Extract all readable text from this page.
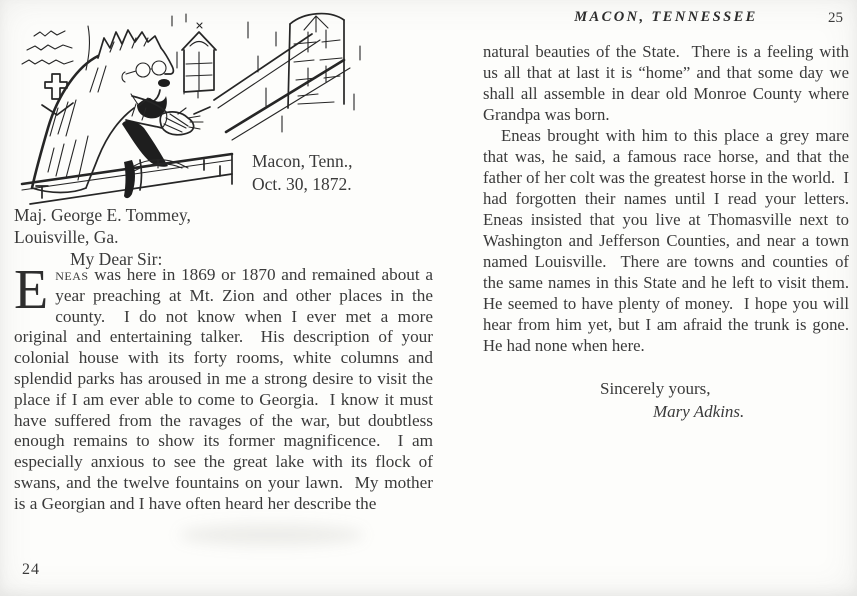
Macon, Tenn.,
Oct. 30, 1872.
Maj. George E. Tommey,
Louisville, Ga.
My Dear Sir:

Eneas was here in 1869 or 1870 and remained about a year preaching at Mt. Zion and other places in the county.  I do not know when I ever met a more original and entertaining talker.  His description of your colonial house with its forty rooms, white columns and splendid parks has aroused in me a strong desire to visit the place if I am ever able to come to Georgia.  I know it must have suffered from the ravages of the war, but doubtless enough remains to show its former magnificence.  I am especially anxious to see the great lake with its flock of swans, and the twelve fountains on your lawn.  My mother is a Georgian and I have often heard her describe the

24
MACON, TENNESSEE	25

natural beauties of the State.  There is a feeling with us all that at last it is “home” and that some day we shall all assemble in dear old Monroe County where Grandpa was born.

Eneas brought with him to this place a grey mare that was, he said, a famous race horse, and that the father of her colt was the greatest horse in the world.  I had forgotten their names until I read your letters.  Eneas insisted that you live at Thomasville next to Washington and Jefferson Counties, and near a town named Louisville.  There are towns and counties of the same names in this State and he left to visit them.  He seemed to have plenty of money.  I hope you will hear from him yet, but I am afraid the trunk is gone.  He had none when here.

Sincerely yours,
Mary Adkins.
